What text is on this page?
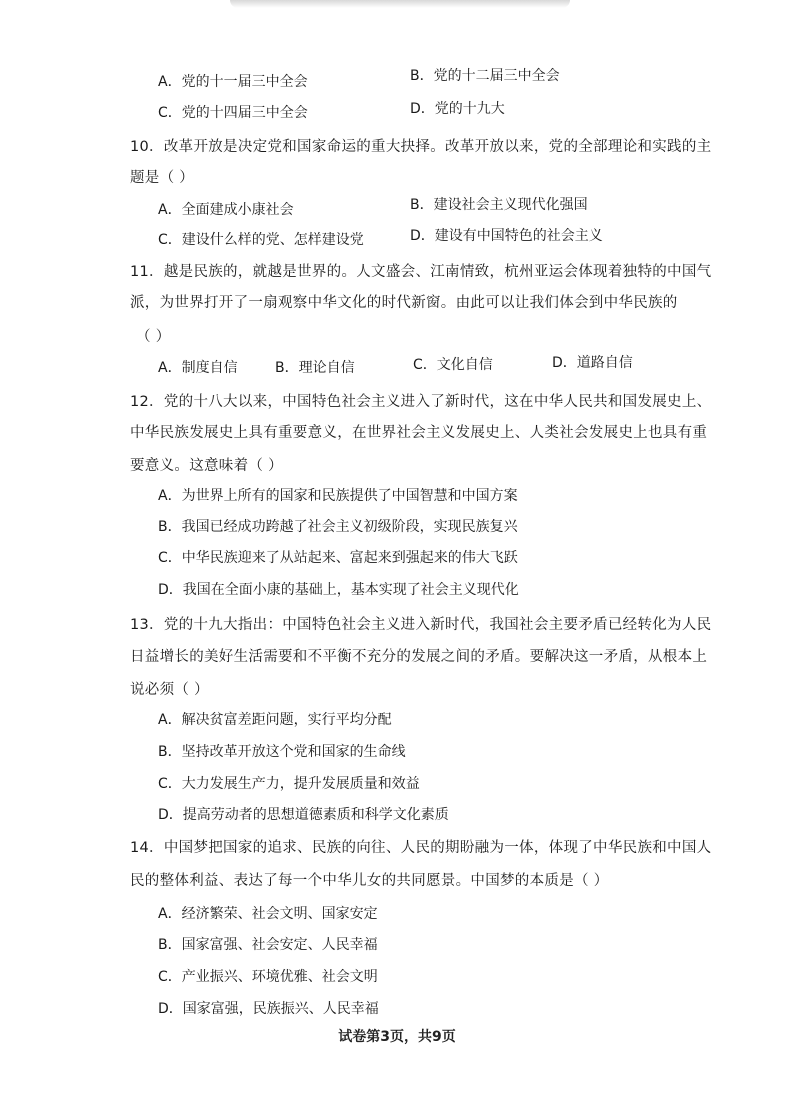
A．党的十一届三中全会	B．党的十二届三中全会
C．党的十四届三中全会	D．党的十九大
10．改革开放是决定党和国家命运的重大抉择。改革开放以来，党的全部理论和实践的主
题是（ ）
A．全面建成小康社会	B．建设社会主义现代化强国
C．建设什么样的党、怎样建设党	D．建设有中国特色的社会主义
11．越是民族的，就越是世界的。人文盛会、江南情致，杭州亚运会体现着独特的中国气
派，为世界打开了一扇观察中华文化的时代新窗。由此可以让我们体会到中华民族的
（ ）
A．制度自信	B．理论自信	C．文化自信	D．道路自信
12．党的十八大以来，中国特色社会主义进入了新时代，这在中华人民共和国发展史上、
中华民族发展史上具有重要意义，在世界社会主义发展史上、人类社会发展史上也具有重
要意义。这意味着（ ）
A．为世界上所有的国家和民族提供了中国智慧和中国方案
B．我国已经成功跨越了社会主义初级阶段，实现民族复兴
C．中华民族迎来了从站起来、富起来到强起来的伟大飞跃
D．我国在全面小康的基础上，基本实现了社会主义现代化
13．党的十九大指出：中国特色社会主义进入新时代，我国社会主要矛盾已经转化为人民
日益增长的美好生活需要和不平衡不充分的发展之间的矛盾。要解决这一矛盾，从根本上
说必须（ ）
A．解决贫富差距问题，实行平均分配
B．坚持改革开放这个党和国家的生命线
C．大力发展生产力，提升发展质量和效益
D．提高劳动者的思想道德素质和科学文化素质
14．中国梦把国家的追求、民族的向往、人民的期盼融为一体，体现了中华民族和中国人
民的整体利益、表达了每一个中华儿女的共同愿景。中国梦的本质是（ ）
A．经济繁荣、社会文明、国家安定
B．国家富强、社会安定、人民幸福
C．产业振兴、环境优雅、社会文明
D．国家富强，民族振兴、人民幸福
试卷第3页，共9页
